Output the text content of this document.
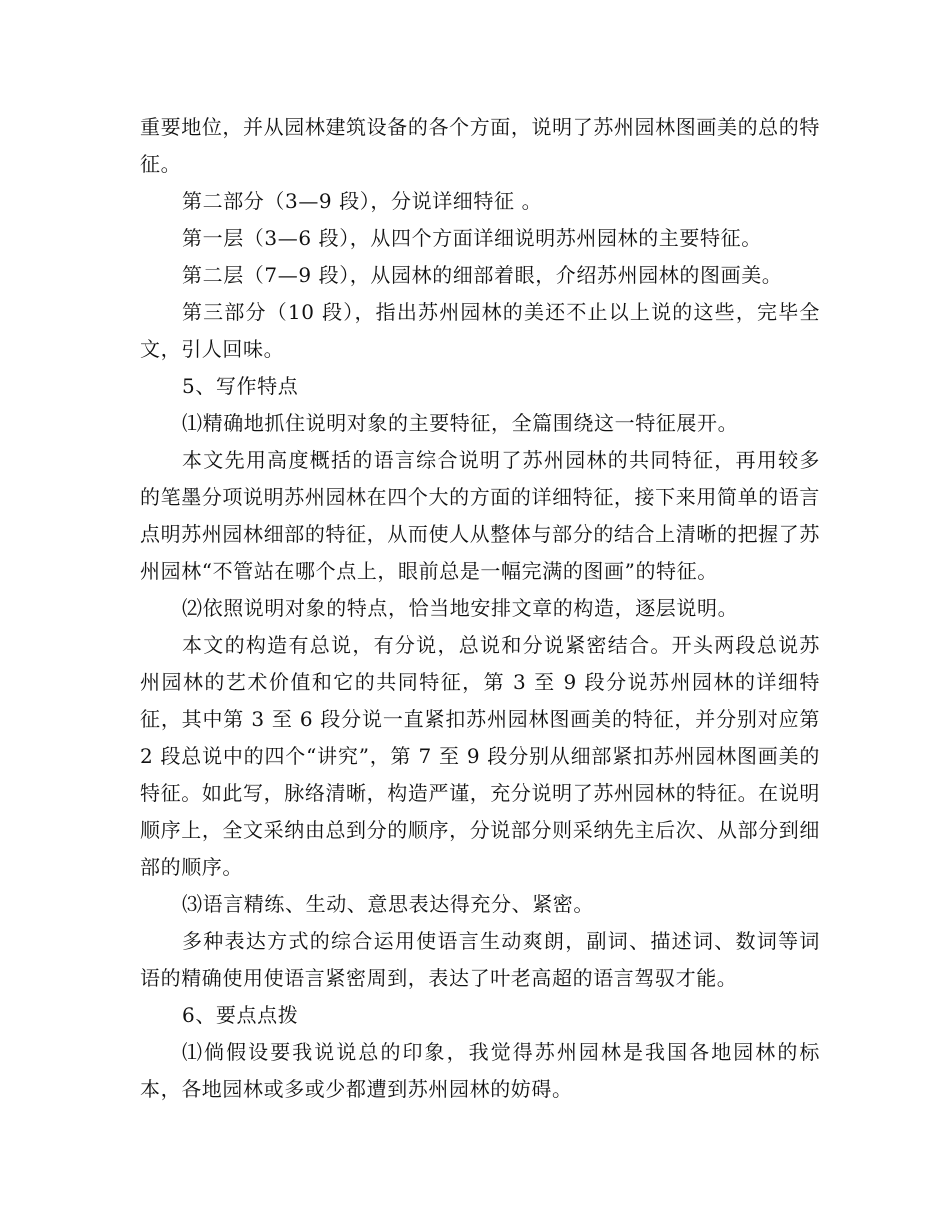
重要地位，并从园林建筑设备的各个方面，说明了苏州园林图画美的总的特征。

第二部分（3—9 段），分说详细特征 。

第一层（3—6 段），从四个方面详细说明苏州园林的主要特征。

第二层（7—9 段），从园林的细部着眼，介绍苏州园林的图画美。

第三部分（10 段），指出苏州园林的美还不止以上说的这些，完毕全文，引人回味。

5、写作特点

⑴精确地抓住说明对象的主要特征，全篇围绕这一特征展开。

本文先用高度概括的语言综合说明了苏州园林的共同特征，再用较多的笔墨分项说明苏州园林在四个大的方面的详细特征，接下来用简单的语言点明苏州园林细部的特征，从而使人从整体与部分的结合上清晰的把握了苏州园林“不管站在哪个点上，眼前总是一幅完满的图画”的特征。

⑵依照说明对象的特点，恰当地安排文章的构造，逐层说明。

本文的构造有总说，有分说，总说和分说紧密结合。开头两段总说苏州园林的艺术价值和它的共同特征，第 3 至 9 段分说苏州园林的详细特征，其中第 3 至 6 段分说一直紧扣苏州园林图画美的特征，并分别对应第 2 段总说中的四个“讲究”，第 7 至 9 段分别从细部紧扣苏州园林图画美的特征。如此写，脉络清晰，构造严谨，充分说明了苏州园林的特征。在说明顺序上，全文采纳由总到分的顺序，分说部分则采纳先主后次、从部分到细部的顺序。

⑶语言精练、生动、意思表达得充分、紧密。

多种表达方式的综合运用使语言生动爽朗，副词、描述词、数词等词语的精确使用使语言紧密周到，表达了叶老高超的语言驾驭才能。

6、要点点拨

⑴倘假设要我说说总的印象，我觉得苏州园林是我国各地园林的标本，各地园林或多或少都遭到苏州园林的妨碍。
